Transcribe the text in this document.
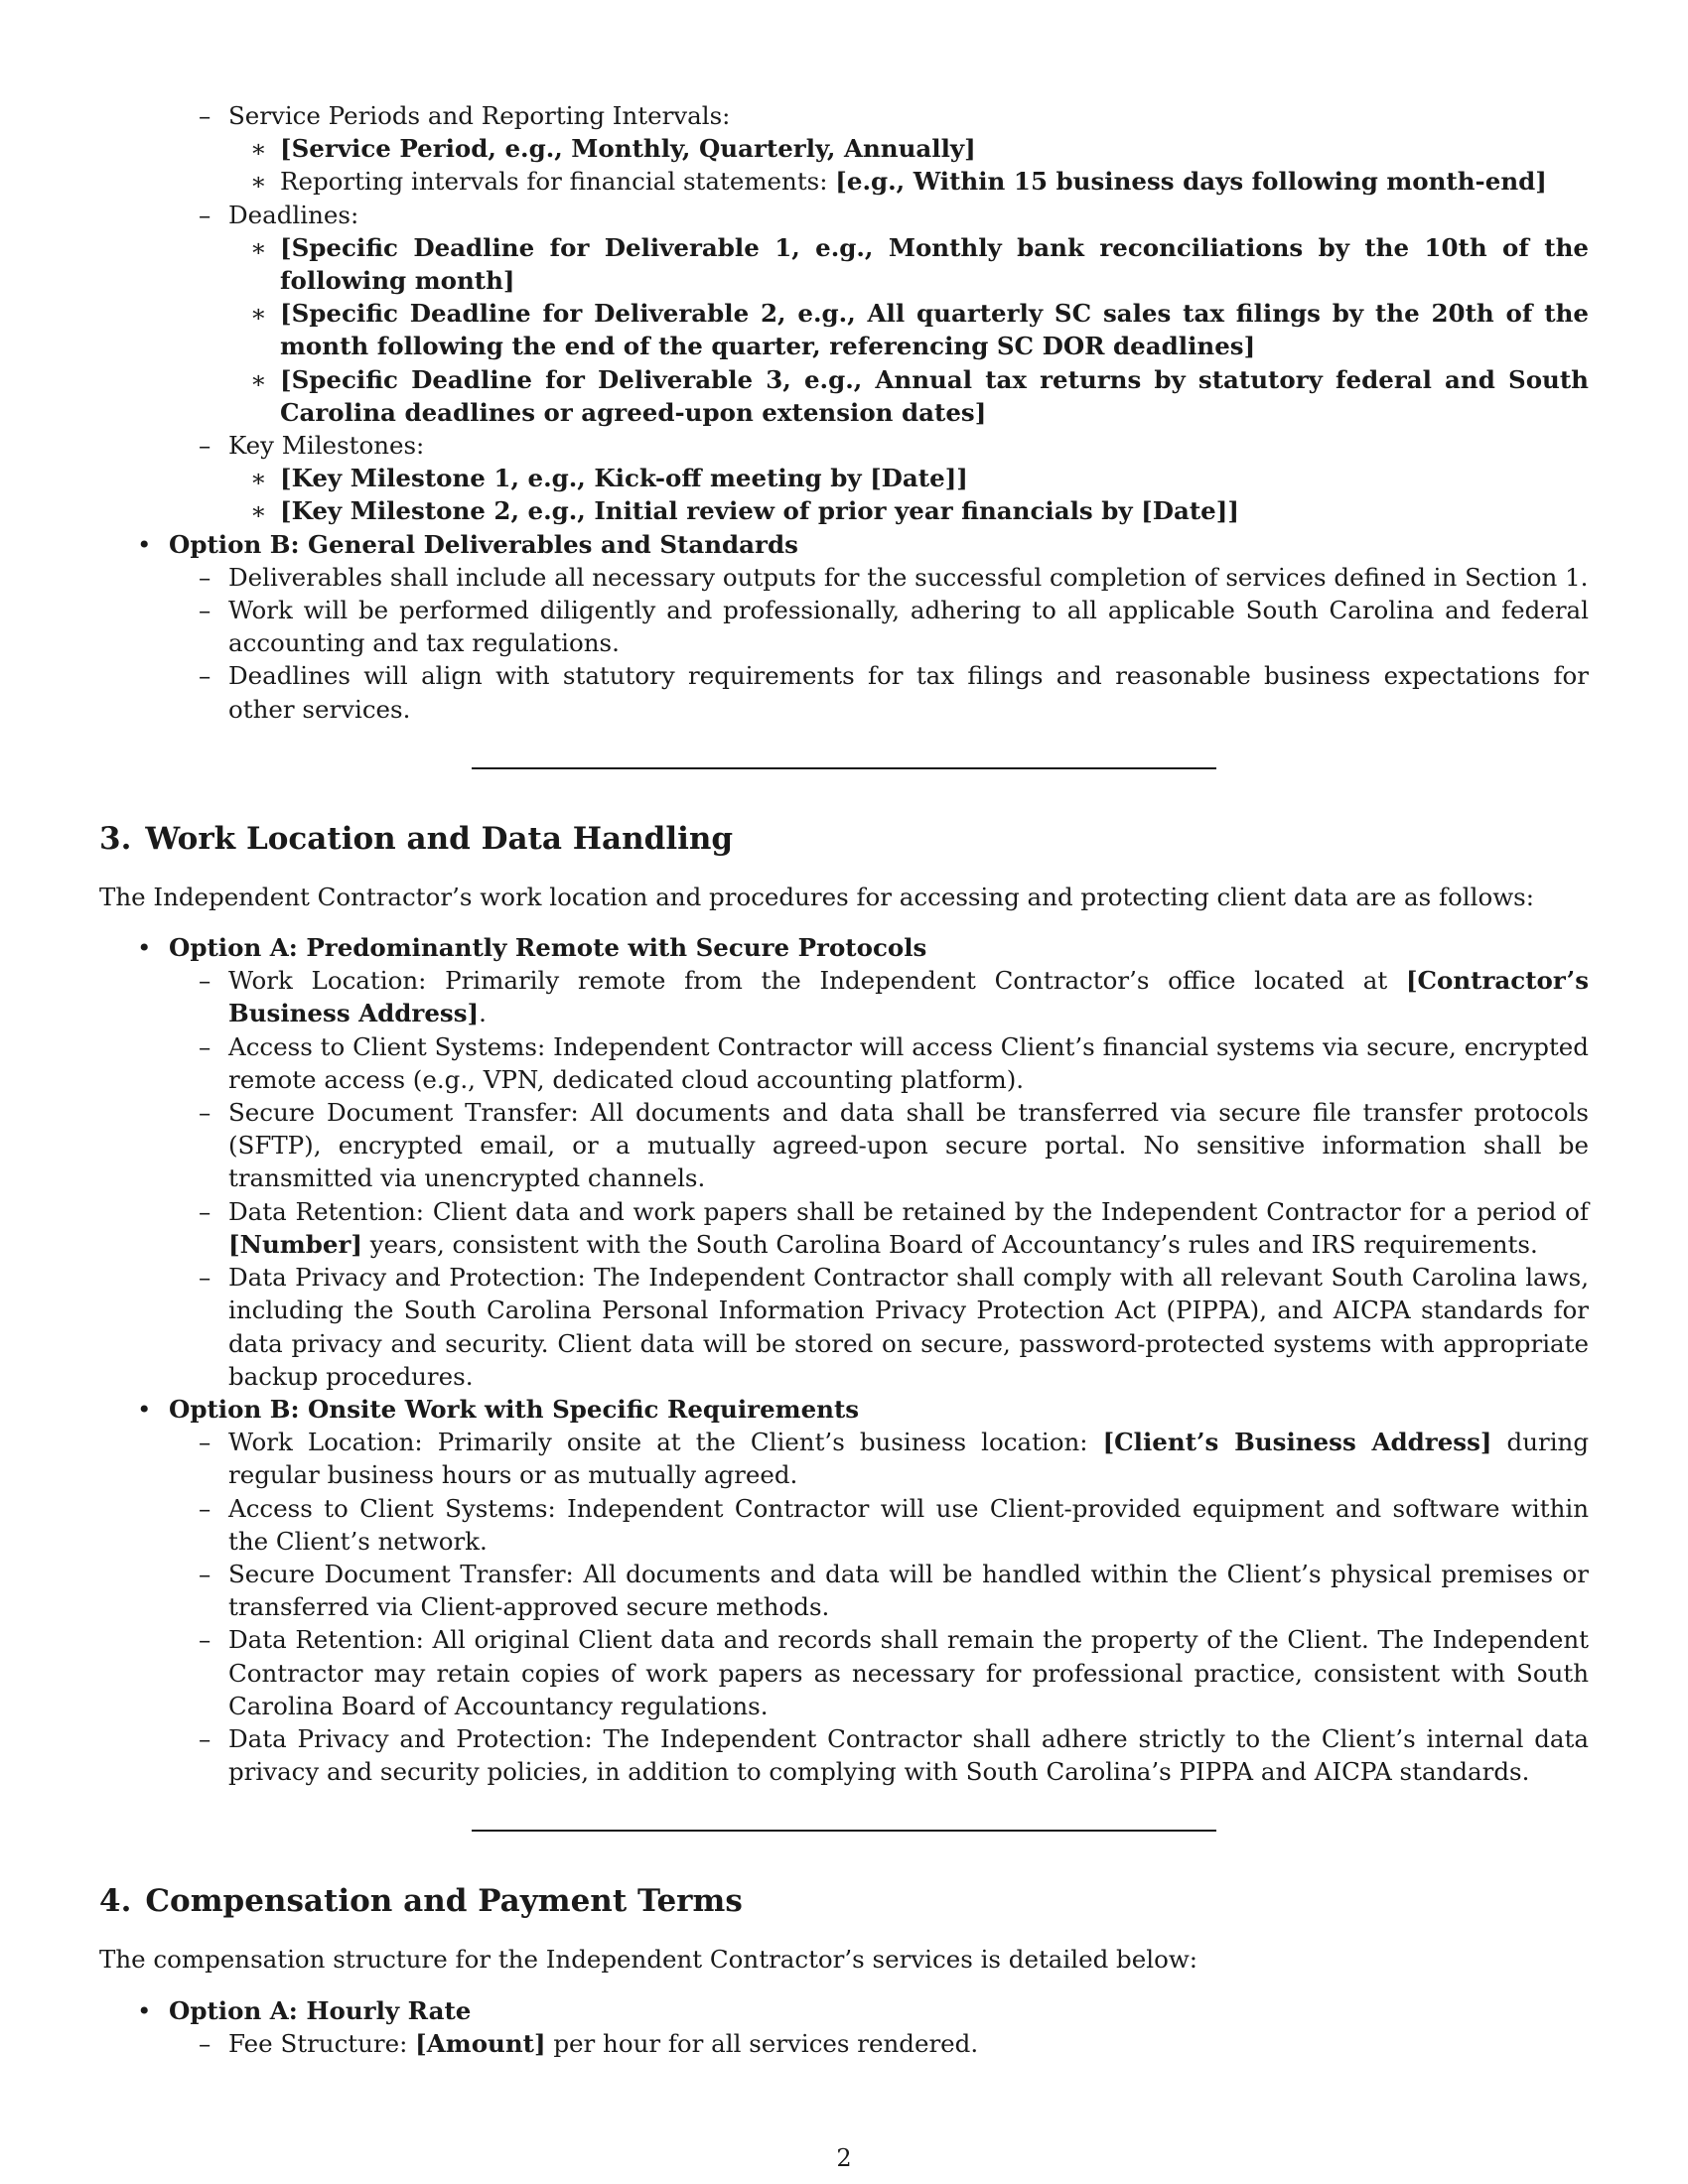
– Service Periods and Reporting Intervals:
∗ [Service Period, e.g., Monthly, Quarterly, Annually]
∗ Reporting intervals for financial statements: [e.g., Within 15 business days following month-end]
– Deadlines:
∗ [Specific Deadline for Deliverable 1, e.g., Monthly bank reconciliations by the 10th of the following month]
∗ [Specific Deadline for Deliverable 2, e.g., All quarterly SC sales tax filings by the 20th of the month following the end of the quarter, referencing SC DOR deadlines]
∗ [Specific Deadline for Deliverable 3, e.g., Annual tax returns by statutory federal and South Carolina deadlines or agreed-upon extension dates]
– Key Milestones:
∗ [Key Milestone 1, e.g., Kick-off meeting by [Date]]
∗ [Key Milestone 2, e.g., Initial review of prior year financials by [Date]]
• Option B: General Deliverables and Standards
– Deliverables shall include all necessary outputs for the successful completion of services defined in Section 1.
– Work will be performed diligently and professionally, adhering to all applicable South Carolina and federal accounting and tax regulations.
– Deadlines will align with statutory requirements for tax filings and reasonable business expectations for other services.
3. Work Location and Data Handling

The Independent Contractor’s work location and procedures for accessing and protecting client data are as follows:

• Option A: Predominantly Remote with Secure Protocols
– Work Location: Primarily remote from the Independent Contractor’s office located at [Contractor’s Business Address].
– Access to Client Systems: Independent Contractor will access Client’s financial systems via secure, encrypted remote access (e.g., VPN, dedicated cloud accounting platform).
– Secure Document Transfer: All documents and data shall be transferred via secure file transfer protocols (SFTP), encrypted email, or a mutually agreed-upon secure portal. No sensitive information shall be transmitted via unencrypted channels.
– Data Retention: Client data and work papers shall be retained by the Independent Contractor for a period of [Number] years, consistent with the South Carolina Board of Accountancy’s rules and IRS requirements.
– Data Privacy and Protection: The Independent Contractor shall comply with all relevant South Carolina laws, including the South Carolina Personal Information Privacy Protection Act (PIPPA), and AICPA standards for data privacy and security. Client data will be stored on secure, password-protected systems with appropriate backup procedures.
• Option B: Onsite Work with Specific Requirements
– Work Location: Primarily onsite at the Client’s business location: [Client’s Business Address] during regular business hours or as mutually agreed.
– Access to Client Systems: Independent Contractor will use Client-provided equipment and software within the Client’s network.
– Secure Document Transfer: All documents and data will be handled within the Client’s physical premises or transferred via Client-approved secure methods.
– Data Retention: All original Client data and records shall remain the property of the Client. The Independent Contractor may retain copies of work papers as necessary for professional practice, consistent with South Carolina Board of Accountancy regulations.
– Data Privacy and Protection: The Independent Contractor shall adhere strictly to the Client’s internal data privacy and security policies, in addition to complying with South Carolina’s PIPPA and AICPA standards.
4. Compensation and Payment Terms

The compensation structure for the Independent Contractor’s services is detailed below:

• Option A: Hourly Rate
– Fee Structure: [Amount] per hour for all services rendered.
2
